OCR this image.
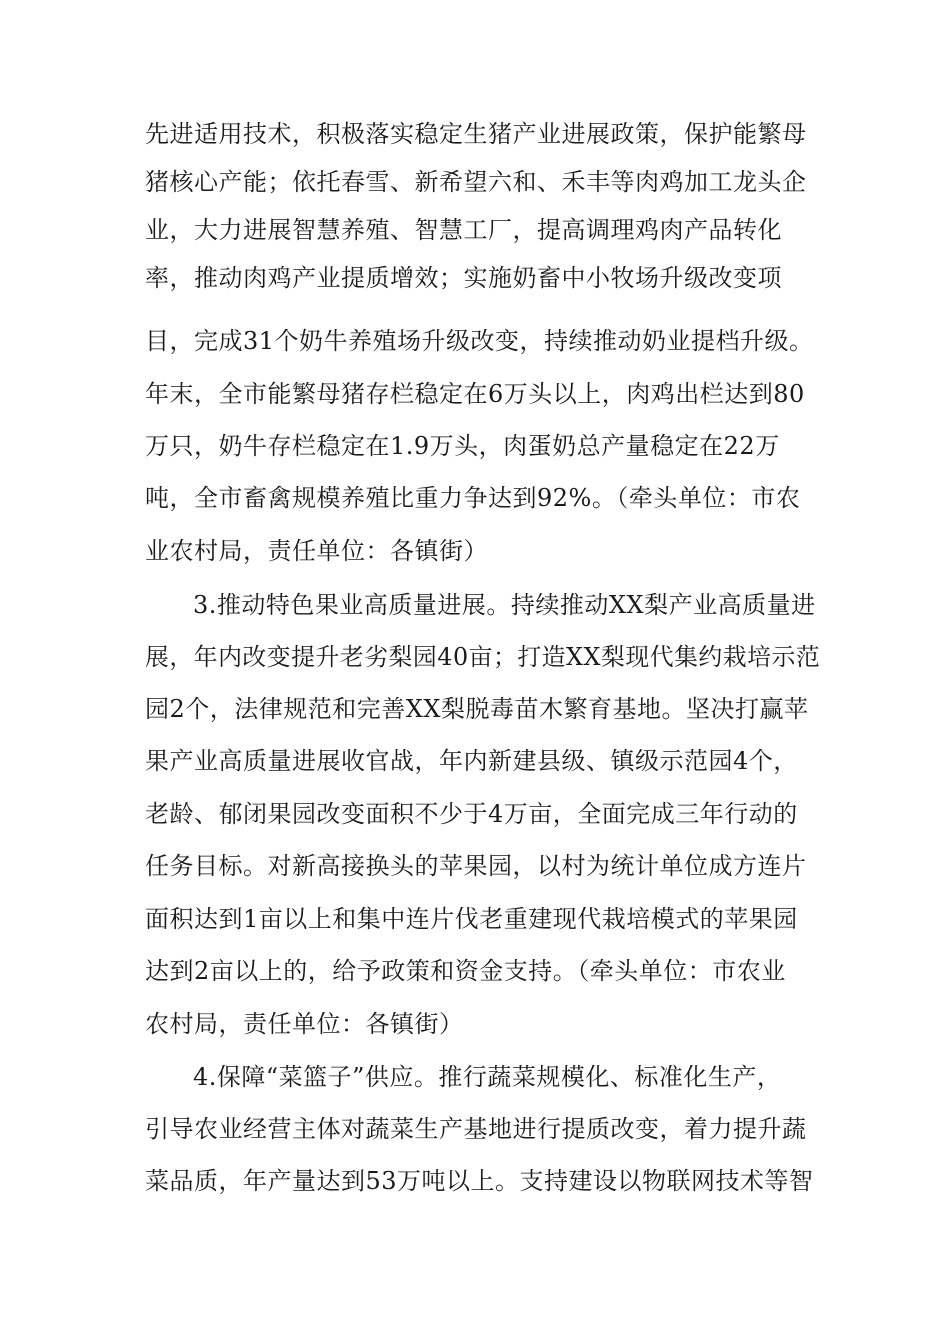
先进适用技术，积极落实稳定生猪产业进展政策，保护能繁母
猪核心产能；依托春雪、新希望六和、禾丰等肉鸡加工龙头企
业，大力进展智慧养殖、智慧工厂，提高调理鸡肉产品转化
率，推动肉鸡产业提质增效；实施奶畜中小牧场升级改变项
目，完成31个奶牛养殖场升级改变，持续推动奶业提档升级。
年末，全市能繁母猪存栏稳定在6万头以上，肉鸡出栏达到80
万只，奶牛存栏稳定在1.9万头，肉蛋奶总产量稳定在22万
吨，全市畜禽规模养殖比重力争达到92%。（牵头单位：市农
业农村局，责任单位：各镇街）
3.推动特色果业高质量进展。持续推动XX梨产业高质量进
展，年内改变提升老劣梨园40亩；打造XX梨现代集约栽培示范
园2个，法律规范和完善XX梨脱毒苗木繁育基地。坚决打赢苹
果产业高质量进展收官战，年内新建县级、镇级示范园4个，
老龄、郁闭果园改变面积不少于4万亩，全面完成三年行动的
任务目标。对新高接换头的苹果园，以村为统计单位成方连片
面积达到1亩以上和集中连片伐老重建现代栽培模式的苹果园
达到2亩以上的，给予政策和资金支持。（牵头单位：市农业
农村局，责任单位：各镇街）
4.保障“菜篮子”供应。推行蔬菜规模化、标准化生产，
引导农业经营主体对蔬菜生产基地进行提质改变，着力提升蔬
菜品质，年产量达到53万吨以上。支持建设以物联网技术等智
